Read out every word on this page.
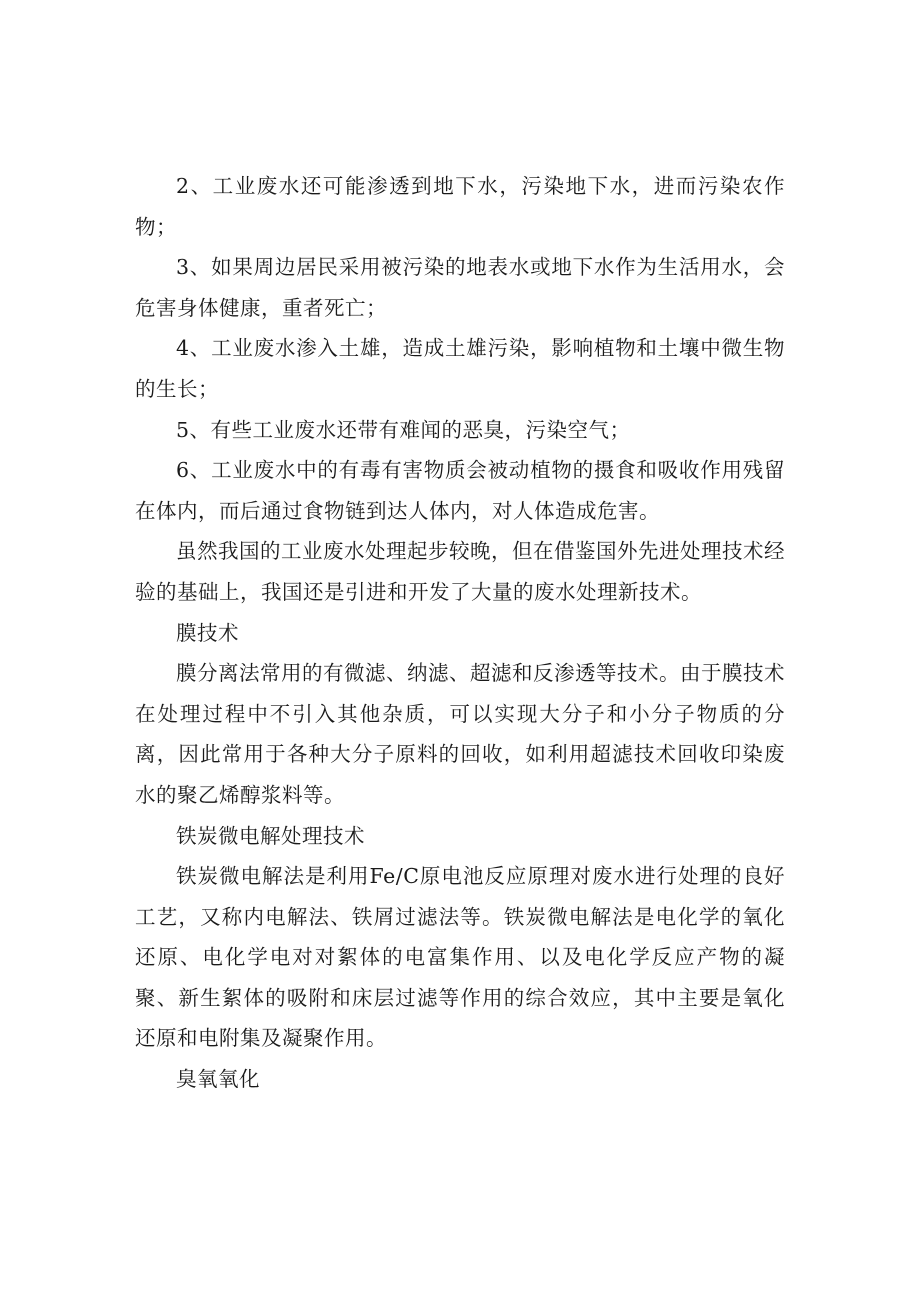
2、工业废水还可能渗透到地下水，污染地下水，进而污染农作物；

3、如果周边居民采用被污染的地表水或地下水作为生活用水，会危害身体健康，重者死亡；

4、工业废水渗入土雄，造成土雄污染，影响植物和土壤中微生物的生长；

5、有些工业废水还带有难闻的恶臭，污染空气；

6、工业废水中的有毒有害物质会被动植物的摄食和吸收作用残留在体内，而后通过食物链到达人体内，对人体造成危害。

虽然我国的工业废水处理起步较晚，但在借鉴国外先进处理技术经验的基础上，我国还是引进和开发了大量的废水处理新技术。

膜技术

膜分离法常用的有微滤、纳滤、超滤和反渗透等技术。由于膜技术在处理过程中不引入其他杂质，可以实现大分子和小分子物质的分离，因此常用于各种大分子原料的回收，如利用超滤技术回收印染废水的聚乙烯醇浆料等。

铁炭微电解处理技术

铁炭微电解法是利用Fe/C原电池反应原理对废水进行处理的良好工艺，又称内电解法、铁屑过滤法等。铁炭微电解法是电化学的氧化还原、电化学电对对絮体的电富集作用、以及电化学反应产物的凝聚、新生絮体的吸附和床层过滤等作用的综合效应，其中主要是氧化还原和电附集及凝聚作用。

臭氧氧化
